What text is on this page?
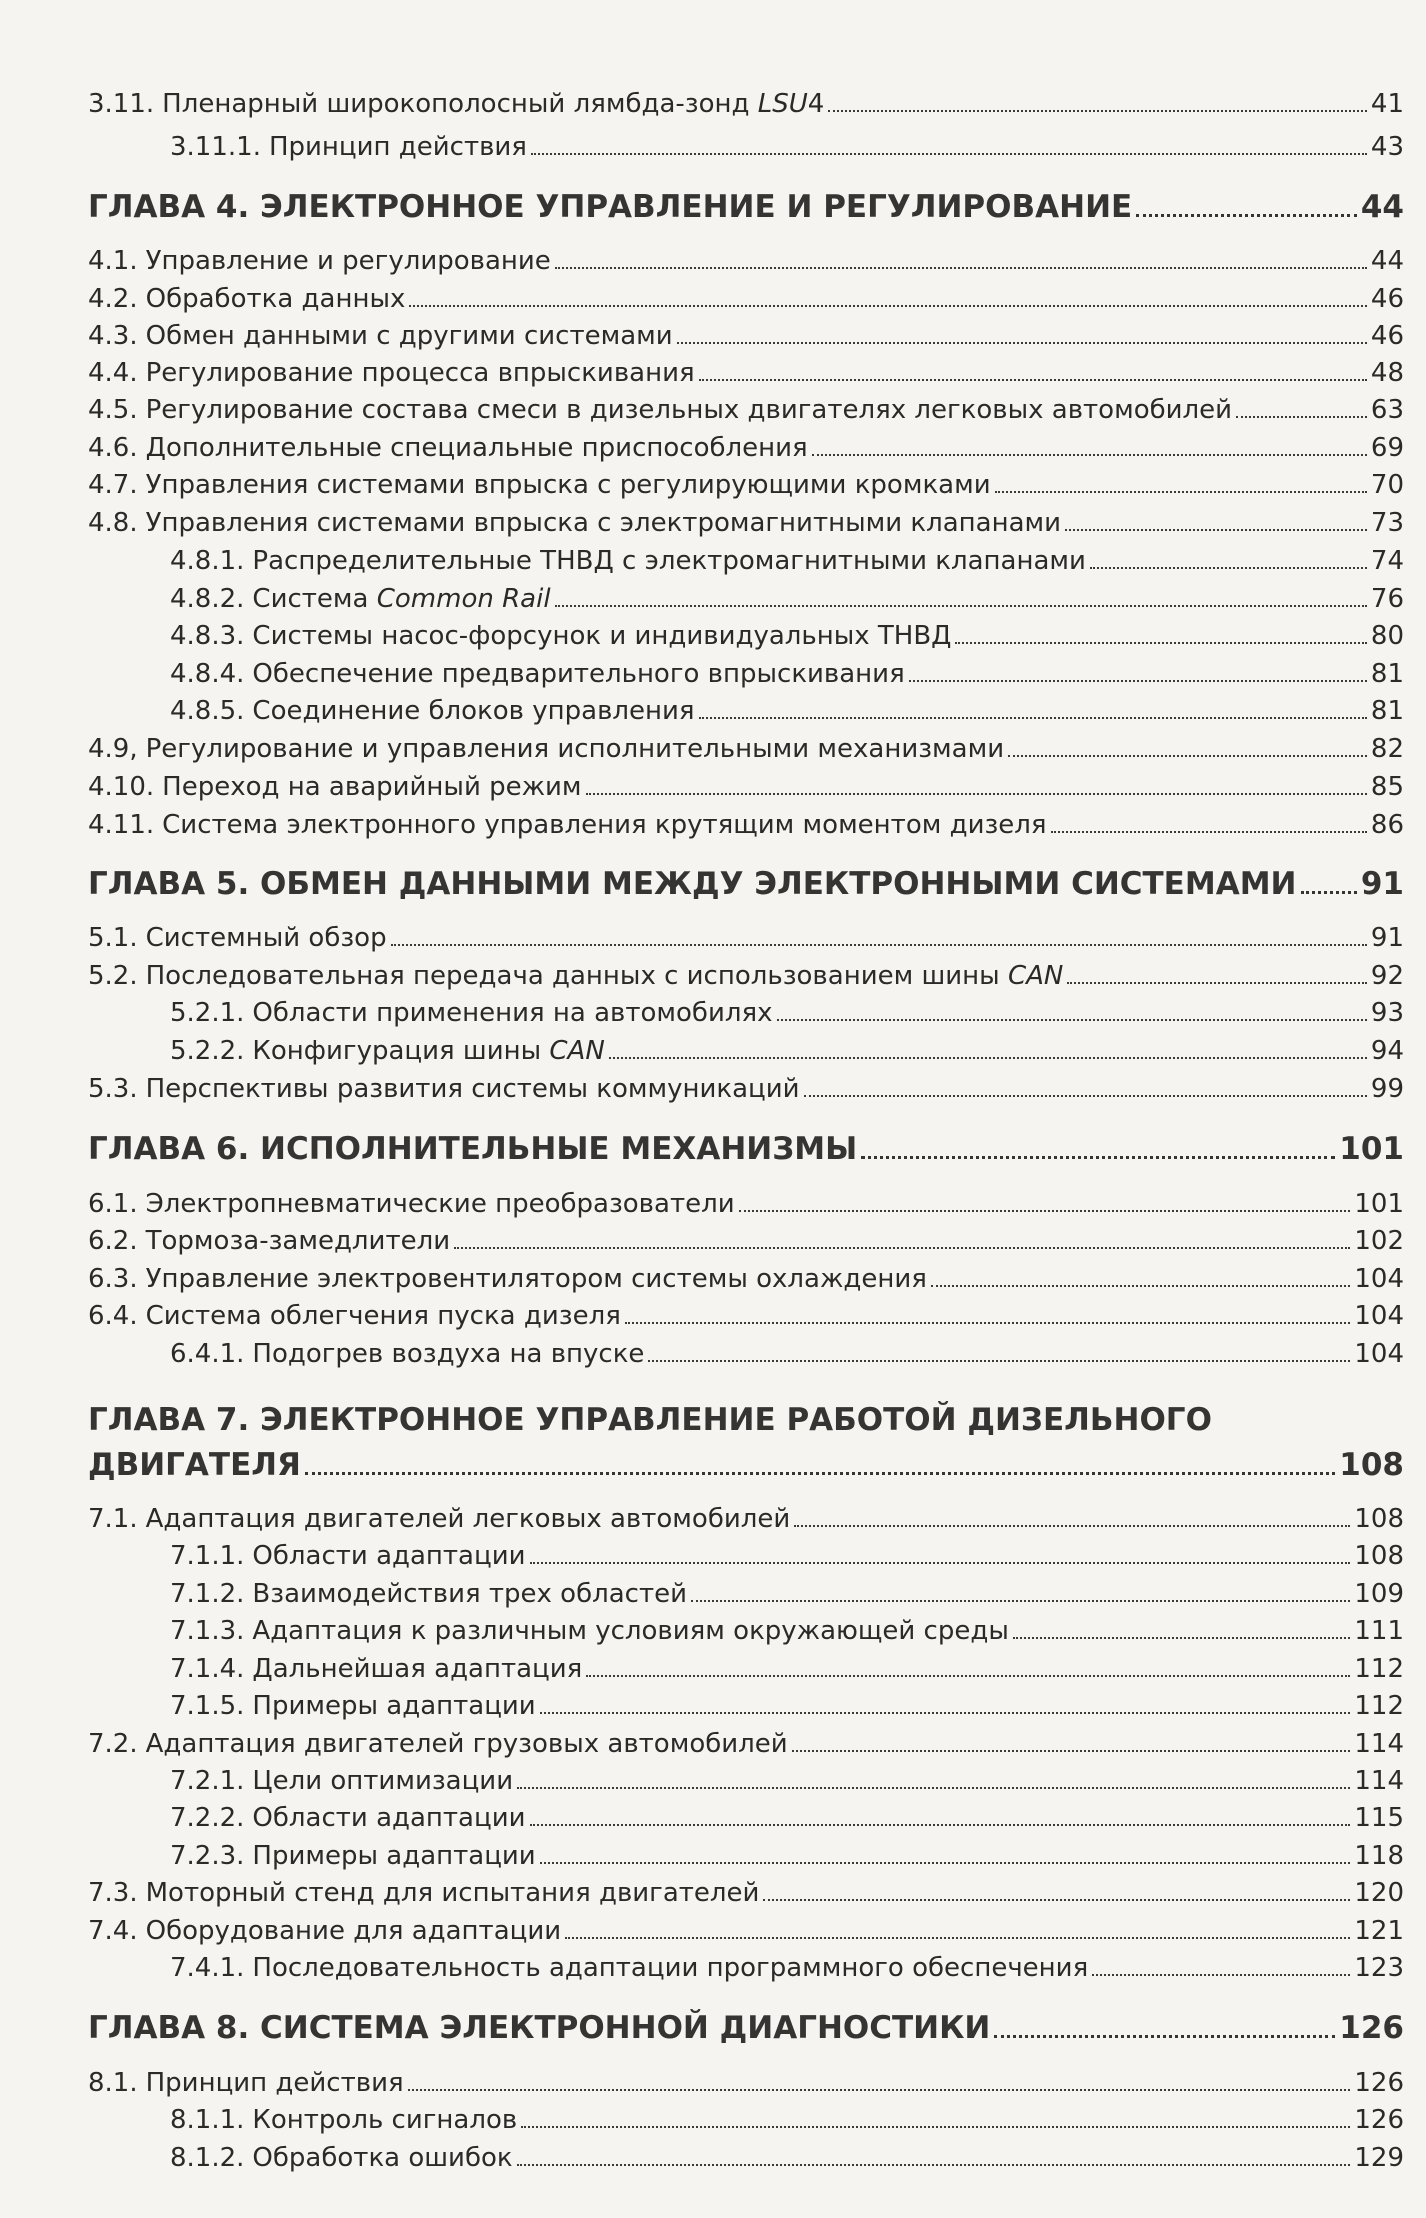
3.11. Пленарный широкополосный лямбда-зонд LSU4	41
3.11.1. Принцип действия	43
ГЛАВА 4. ЭЛЕКТРОННОЕ УПРАВЛЕНИЕ И РЕГУЛИРОВАНИЕ	44
4.1. Управление и регулирование	44
4.2. Обработка данных	46
4.3. Обмен данными с другими системами	46
4.4. Регулирование процесса впрыскивания	48
4.5. Регулирование состава смеси в дизельных двигателях легковых автомобилей	63
4.6. Дополнительные специальные приспособления	69
4.7. Управления системами впрыска с регулирующими кромками	70
4.8. Управления системами впрыска с электромагнитными клапанами	73
4.8.1. Распределительные ТНВД с электромагнитными клапанами	74
4.8.2. Система Common Rail	76
4.8.3. Системы насос-форсунок и индивидуальных ТНВД	80
4.8.4. Обеспечение предварительного впрыскивания	81
4.8.5. Соединение блоков управления	81
4.9, Регулирование и управления исполнительными механизмами	82
4.10. Переход на аварийный режим	85
4.11. Система электронного управления крутящим моментом дизеля	86
ГЛАВА 5. ОБМЕН ДАННЫМИ МЕЖДУ ЭЛЕКТРОННЫМИ СИСТЕМАМИ 91
5.1. Системный обзор	91
5.2. Последовательная передача данных с использованием шины CAN	92
5.2.1. Области применения на автомобилях	93
5.2.2. Конфигурация шины CAN	94
5.3. Перспективы развития системы коммуникаций	99
ГЛАВА 6. ИСПОЛНИТЕЛЬНЫЕ МЕХАНИЗМЫ	101
6.1. Электропневматические преобразователи	101
6.2. Тормоза-замедлители	102
6.3. Управление электровентилятором системы охлаждения	104
6.4. Система облегчения пуска дизеля	104
6.4.1. Подогрев воздуха на впуске	104
ГЛАВА 7. ЭЛЕКТРОННОЕ УПРАВЛЕНИЕ РАБОТОЙ ДИЗЕЛЬНОГО
ДВИГАТЕЛЯ	108
7.1. Адаптация двигателей легковых автомобилей	108
7.1.1. Области адаптации	108
7.1.2. Взаимодействия трех областей	109
7.1.3. Адаптация к различным условиям окружающей среды	111
7.1.4. Дальнейшая адаптация	112
7.1.5. Примеры адаптации	112
7.2. Адаптация двигателей грузовых автомобилей	114
7.2.1. Цели оптимизации	114
7.2.2. Области адаптации	115
7.2.3. Примеры адаптации	118
7.3. Моторный стенд для испытания двигателей	120
7.4. Оборудование для адаптации	121
7.4.1. Последовательность адаптации программного обеспечения	123
ГЛАВА 8. СИСТЕМА ЭЛЕКТРОННОЙ ДИАГНОСТИКИ	126
8.1. Принцип действия	126
8.1.1. Контроль сигналов	126
8.1.2. Обработка ошибок	129
